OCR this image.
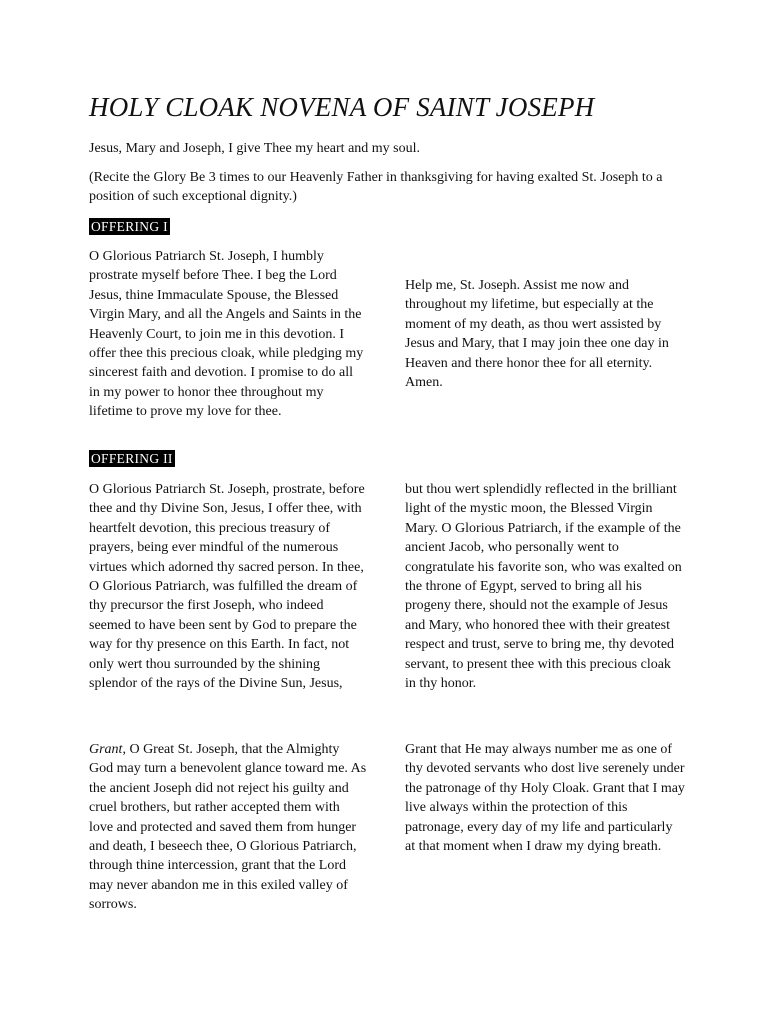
HOLY CLOAK NOVENA OF SAINT JOSEPH
Jesus, Mary and Joseph, I give Thee my heart and my soul.
(Recite the Glory Be 3 times to our Heavenly Father in thanksgiving for having exalted St. Joseph to a position of such exceptional dignity.)
OFFERING I
O Glorious Patriarch St. Joseph, I humbly prostrate myself before Thee. I beg the Lord Jesus, thine Immaculate Spouse, the Blessed Virgin Mary, and all the Angels and Saints in the Heavenly Court, to join me in this devotion. I offer thee this precious cloak, while pledging my sincerest faith and devotion. I promise to do all in my power to honor thee throughout my lifetime to prove my love for thee.
Help me, St. Joseph. Assist me now and throughout my lifetime, but especially at the moment of my death, as thou wert assisted by Jesus and Mary, that I may join thee one day in Heaven and there honor thee for all eternity. Amen.
OFFERING II
O Glorious Patriarch St. Joseph, prostrate, before thee and thy Divine Son, Jesus, I offer thee, with heartfelt devotion, this precious treasury of prayers, being ever mindful of the numerous virtues which adorned thy sacred person. In thee, O Glorious Patriarch, was fulfilled the dream of thy precursor the first Joseph, who indeed seemed to have been sent by God to prepare the way for thy presence on this Earth. In fact, not only wert thou surrounded by the shining splendor of the rays of the Divine Sun, Jesus,
but thou wert splendidly reflected in the brilliant light of the mystic moon, the Blessed Virgin Mary. O Glorious Patriarch, if the example of the ancient Jacob, who personally went to congratulate his favorite son, who was exalted on the throne of Egypt, served to bring all his progeny there, should not the example of Jesus and Mary, who honored thee with their greatest respect and trust, serve to bring me, thy devoted servant, to present thee with this precious cloak in thy honor.
Grant, O Great St. Joseph, that the Almighty God may turn a benevolent glance toward me. As the ancient Joseph did not reject his guilty and cruel brothers, but rather accepted them with love and protected and saved them from hunger and death, I beseech thee, O Glorious Patriarch, through thine intercession, grant that the Lord may never abandon me in this exiled valley of sorrows.
Grant that He may always number me as one of thy devoted servants who dost live serenely under the patronage of thy Holy Cloak. Grant that I may live always within the protection of this patronage, every day of my life and particularly at that moment when I draw my dying breath.
